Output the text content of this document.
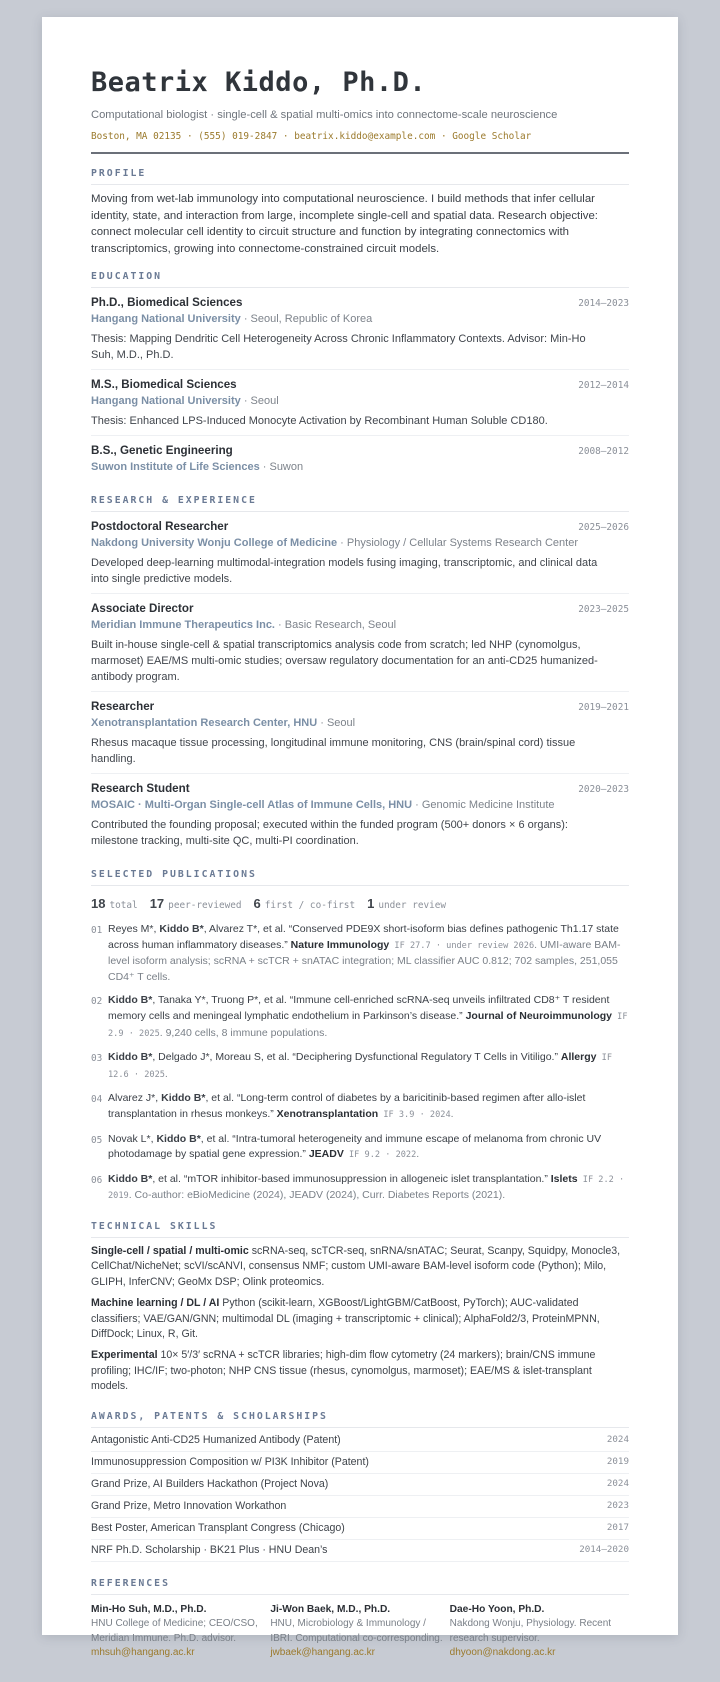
Beatrix Kiddo, Ph.D.
Computational biologist · single-cell & spatial multi-omics into connectome-scale neuroscience
Boston, MA 02135 · (555) 019-2847 · beatrix.kiddo@example.com · Google Scholar
PROFILE
Moving from wet-lab immunology into computational neuroscience. I build methods that infer cellular identity, state, and interaction from large, incomplete single-cell and spatial data. Research objective: connect molecular cell identity to circuit structure and function by integrating connectomics with transcriptomics, growing into connectome-constrained circuit models.
EDUCATION
Ph.D., Biomedical Sciences	2014–2023
Hangang National University · Seoul, Republic of Korea
Thesis: Mapping Dendritic Cell Heterogeneity Across Chronic Inflammatory Contexts. Advisor: Min-Ho Suh, M.D., Ph.D.
M.S., Biomedical Sciences	2012–2014
Hangang National University · Seoul
Thesis: Enhanced LPS-Induced Monocyte Activation by Recombinant Human Soluble CD180.
B.S., Genetic Engineering	2008–2012
Suwon Institute of Life Sciences · Suwon
RESEARCH & EXPERIENCE
Postdoctoral Researcher	2025–2026
Nakdong University Wonju College of Medicine · Physiology / Cellular Systems Research Center
Developed deep-learning multimodal-integration models fusing imaging, transcriptomic, and clinical data into single predictive models.
Associate Director	2023–2025
Meridian Immune Therapeutics Inc. · Basic Research, Seoul
Built in-house single-cell & spatial transcriptomics analysis code from scratch; led NHP (cynomolgus, marmoset) EAE/MS multi-omic studies; oversaw regulatory documentation for an anti-CD25 humanized-antibody program.
Researcher	2019–2021
Xenotransplantation Research Center, HNU · Seoul
Rhesus macaque tissue processing, longitudinal immune monitoring, CNS (brain/spinal cord) tissue handling.
Research Student	2020–2023
MOSAIC · Multi-Organ Single-cell Atlas of Immune Cells, HNU · Genomic Medicine Institute
Contributed the founding proposal; executed within the funded program (500+ donors × 6 organs): milestone tracking, multi-site QC, multi-PI coordination.
SELECTED PUBLICATIONS
18 total 17 peer-reviewed 6 first / co-first 1 under review
01 Reyes M*, Kiddo B*, Alvarez T*, et al. “Conserved PDE9X short-isoform bias defines pathogenic Th1.17 state across human inflammatory diseases.” Nature Immunology IF 27.7 · under review 2026. UMI-aware BAM-level isoform analysis; scRNA + scTCR + snATAC integration; ML classifier AUC 0.812; 702 samples, 251,055 CD4⁺ T cells.
02 Kiddo B*, Tanaka Y*, Truong P*, et al. “Immune cell-enriched scRNA-seq unveils infiltrated CD8⁺ T resident memory cells and meningeal lymphatic endothelium in Parkinson’s disease.” Journal of Neuroimmunology IF 2.9 · 2025. 9,240 cells, 8 immune populations.
03 Kiddo B*, Delgado J*, Moreau S, et al. “Deciphering Dysfunctional Regulatory T Cells in Vitiligo.” Allergy IF 12.6 · 2025.
04 Alvarez J*, Kiddo B*, et al. “Long-term control of diabetes by a baricitinib-based regimen after allo-islet transplantation in rhesus monkeys.” Xenotransplantation IF 3.9 · 2024.
05 Novak L*, Kiddo B*, et al. “Intra-tumoral heterogeneity and immune escape of melanoma from chronic UV photodamage by spatial gene expression.” JEADV IF 9.2 · 2022.
06 Kiddo B*, et al. “mTOR inhibitor-based immunosuppression in allogeneic islet transplantation.” Islets IF 2.2 · 2019. Co-author: eBioMedicine (2024), JEADV (2024), Curr. Diabetes Reports (2021).
TECHNICAL SKILLS
Single-cell / spatial / multi-omic scRNA-seq, scTCR-seq, snRNA/snATAC; Seurat, Scanpy, Squidpy, Monocle3, CellChat/NicheNet; scVI/scANVI, consensus NMF; custom UMI-aware BAM-level isoform code (Python); Milo, GLIPH, InferCNV; GeoMx DSP; Olink proteomics.
Machine learning / DL / AI Python (scikit-learn, XGBoost/LightGBM/CatBoost, PyTorch); AUC-validated classifiers; VAE/GAN/GNN; multimodal DL (imaging + transcriptomic + clinical); AlphaFold2/3, ProteinMPNN, DiffDock; Linux, R, Git.
Experimental 10× 5′/3′ scRNA + scTCR libraries; high-dim flow cytometry (24 markers); brain/CNS immune profiling; IHC/IF; two-photon; NHP CNS tissue (rhesus, cynomolgus, marmoset); EAE/MS & islet-transplant models.
AWARDS, PATENTS & SCHOLARSHIPS
Antagonistic Anti-CD25 Humanized Antibody (Patent)	2024
Immunosuppression Composition w/ PI3K Inhibitor (Patent)	2019
Grand Prize, AI Builders Hackathon (Project Nova)	2024
Grand Prize, Metro Innovation Workathon	2023
Best Poster, American Transplant Congress (Chicago)	2017
NRF Ph.D. Scholarship · BK21 Plus · HNU Dean’s	2014–2020
REFERENCES
Min-Ho Suh, M.D., Ph.D.
HNU College of Medicine; CEO/CSO, Meridian Immune. Ph.D. advisor.
mhsuh@hangang.ac.kr
Ji-Won Baek, M.D., Ph.D.
HNU, Microbiology & Immunology / IBRI. Computational co-corresponding.
jwbaek@hangang.ac.kr
Dae-Ho Yoon, Ph.D.
Nakdong Wonju, Physiology. Recent research supervisor.
dhyoon@nakdong.ac.kr
